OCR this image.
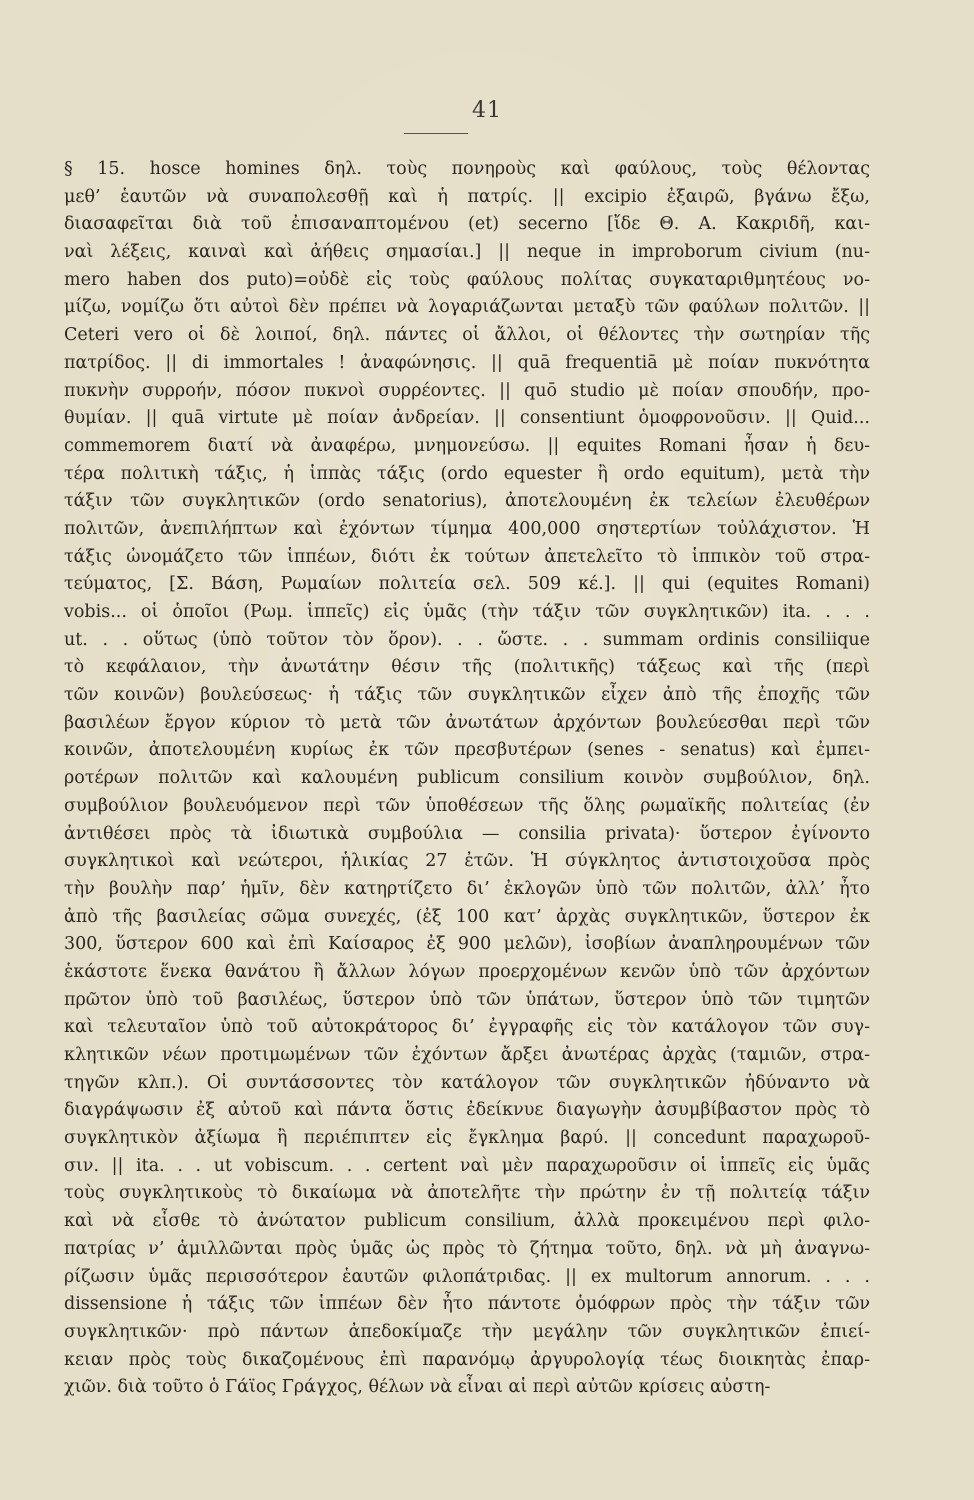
41

§ 15. hosce homines δηλ. τοὺς πονηροὺς καὶ φαύλους, τοὺς θέλοντας

μεθ’ ἑαυτῶν νὰ συναπολεσθῇ καὶ ἡ πατρίς. || excipio ἐξαιρῶ, βγάνω ἔξω,

διασαφεῖται διὰ τοῦ ἐπισαναπτομένου (et) secerno [ἴδε Θ. Α. Κακριδῆ, και-

ναὶ λέξεις, καιναὶ καὶ ἀήθεις σημασίαι.] || neque in improborum civium (nu-

mero haben dos puto)=οὐδὲ εἰς τοὺς φαύλους πολίτας συγκαταριθμητέους νο-

μίζω, νομίζω ὅτι αὐτοὶ δὲν πρέπει νὰ λογαριάζωνται μεταξὺ τῶν φαύλων πολιτῶν. ||

Ceteri vero οἱ δὲ λοιποί, δηλ. πάντες οἱ ἄλλοι, οἱ θέλοντες τὴν σωτηρίαν τῆς

πατρίδος. || di immortales ! ἀναφώνησις. || quā frequentiā μὲ ποίαν πυκνότητα

πυκνὴν συρροήν, πόσον πυκνοὶ συρρέοντες. || quō studio μὲ ποίαν σπουδήν, προ-

θυμίαν. || quā virtute μὲ ποίαν ἀνδρείαν. || consentiunt ὁμοφρονοῦσιν. || Quid...

commemorem διατί νὰ ἀναφέρω, μνημονεύσω. || equites Romani ἦσαν ἡ δευ-

τέρα πολιτικὴ τάξις, ἡ ἱππὰς τάξις (ordo equester ἢ ordo equitum), μετὰ τὴν

τάξιν τῶν συγκλητικῶν (ordo senatorius), ἀποτελουμένη ἐκ τελείων ἐλευθέρων

πολιτῶν, ἀνεπιλήπτων καὶ ἐχόντων τίμημα 400,000 σηστερτίων τοὐλάχιστον. Ἡ

τάξις ὠνομάζετο τῶν ἱππέων, διότι ἐκ τούτων ἀπετελεῖτο τὸ ἱππικὸν τοῦ στρα-

τεύματος, [Σ. Βάση, Ρωμαίων πολιτεία σελ. 509 κέ.]. || qui (equites Romani)

vobis... οἱ ὁποῖοι (Ρωμ. ἱππεῖς) εἰς ὑμᾶς (τὴν τάξιν τῶν συγκλητικῶν) ita. . . .

ut. . . οὕτως (ὑπὸ τοῦτον τὸν ὅρον). . . ὥστε. . . summam ordinis consiliique

τὸ κεφάλαιον, τὴν ἀνωτάτην θέσιν τῆς (πολιτικῆς) τάξεως καὶ τῆς (περὶ

τῶν κοινῶν) βουλεύσεως· ἡ τάξις τῶν συγκλητικῶν εἶχεν ἀπὸ τῆς ἐποχῆς τῶν

βασιλέων ἔργον κύριον τὸ μετὰ τῶν ἀνωτάτων ἀρχόντων βουλεύεσθαι περὶ τῶν

κοινῶν, ἀποτελουμένη κυρίως ἐκ τῶν πρεσβυτέρων (senes - senatus) καὶ ἐμπει-

ροτέρων πολιτῶν καὶ καλουμένη publicum consilium κοινὸν συμβούλιον, δηλ.

συμβούλιον βουλευόμενον περὶ τῶν ὑποθέσεων τῆς ὅλης ρωμαϊκῆς πολιτείας (ἐν

ἀντιθέσει πρὸς τὰ ἰδιωτικὰ συμβούλια — consilia privata)· ὕστερον ἐγίνοντο

συγκλητικοὶ καὶ νεώτεροι, ἡλικίας 27 ἐτῶν. Ἡ σύγκλητος ἀντιστοιχοῦσα πρὸς

τὴν βουλὴν παρ’ ἡμῖν, δὲν κατηρτίζετο δι’ ἐκλογῶν ὑπὸ τῶν πολιτῶν, ἀλλ’ ἦτο

ἀπὸ τῆς βασιλείας σῶμα συνεχές, (ἐξ 100 κατ’ ἀρχὰς συγκλητικῶν, ὕστερον ἐκ

300, ὕστερον 600 καὶ ἐπὶ Καίσαρος ἐξ 900 μελῶν), ἰσοβίων ἀναπληρουμένων τῶν

ἑκάστοτε ἕνεκα θανάτου ἢ ἄλλων λόγων προερχομένων κενῶν ὑπὸ τῶν ἀρχόντων

πρῶτον ὑπὸ τοῦ βασιλέως, ὕστερον ὑπὸ τῶν ὑπάτων, ὕστερον ὑπὸ τῶν τιμητῶν

καὶ τελευταῖον ὑπὸ τοῦ αὐτοκράτορος δι’ ἐγγραφῆς εἰς τὸν κατάλογον τῶν συγ-

κλητικῶν νέων προτιμωμένων τῶν ἐχόντων ἄρξει ἀνωτέρας ἀρχὰς (ταμιῶν, στρα-

τηγῶν κλπ.). Οἱ συντάσσοντες τὸν κατάλογον τῶν συγκλητικῶν ἠδύναντο νὰ

διαγράψωσιν ἐξ αὐτοῦ καὶ πάντα ὅστις ἐδείκνυε διαγωγὴν ἀσυμβίβαστον πρὸς τὸ

συγκλητικὸν ἀξίωμα ἢ περιέπιπτεν εἰς ἔγκλημα βαρύ. || concedunt παραχωροῦ-

σιν. || ita. . . ut vobiscum. . . certent ναὶ μὲν παραχωροῦσιν οἱ ἱππεῖς εἰς ὑμᾶς

τοὺς συγκλητικοὺς τὸ δικαίωμα νὰ ἀποτελῆτε τὴν πρώτην ἐν τῇ πολιτείᾳ τάξιν

καὶ νὰ εἶσθε τὸ ἀνώτατον publicum consilium, ἀλλὰ προκειμένου περὶ φιλο-

πατρίας ν’ ἁμιλλῶνται πρὸς ὑμᾶς ὡς πρὸς τὸ ζήτημα τοῦτο, δηλ. νὰ μὴ ἀναγνω-

ρίζωσιν ὑμᾶς περισσότερον ἑαυτῶν φιλοπάτριδας. || ex multorum annorum. . . .

dissensione ἡ τάξις τῶν ἱππέων δὲν ἦτο πάντοτε ὁμόφρων πρὸς τὴν τάξιν τῶν

συγκλητικῶν· πρὸ πάντων ἀπεδοκίμαζε τὴν μεγάλην τῶν συγκλητικῶν ἐπιεί-

κειαν πρὸς τοὺς δικαζομένους ἐπὶ παρανόμῳ ἀργυρολογίᾳ τέως διοικητὰς ἐπαρ-

χιῶν. διὰ τοῦτο ὁ Γάϊος Γράγχος, θέλων νὰ εἶναι αἱ περὶ αὐτῶν κρίσεις αὐστη-
